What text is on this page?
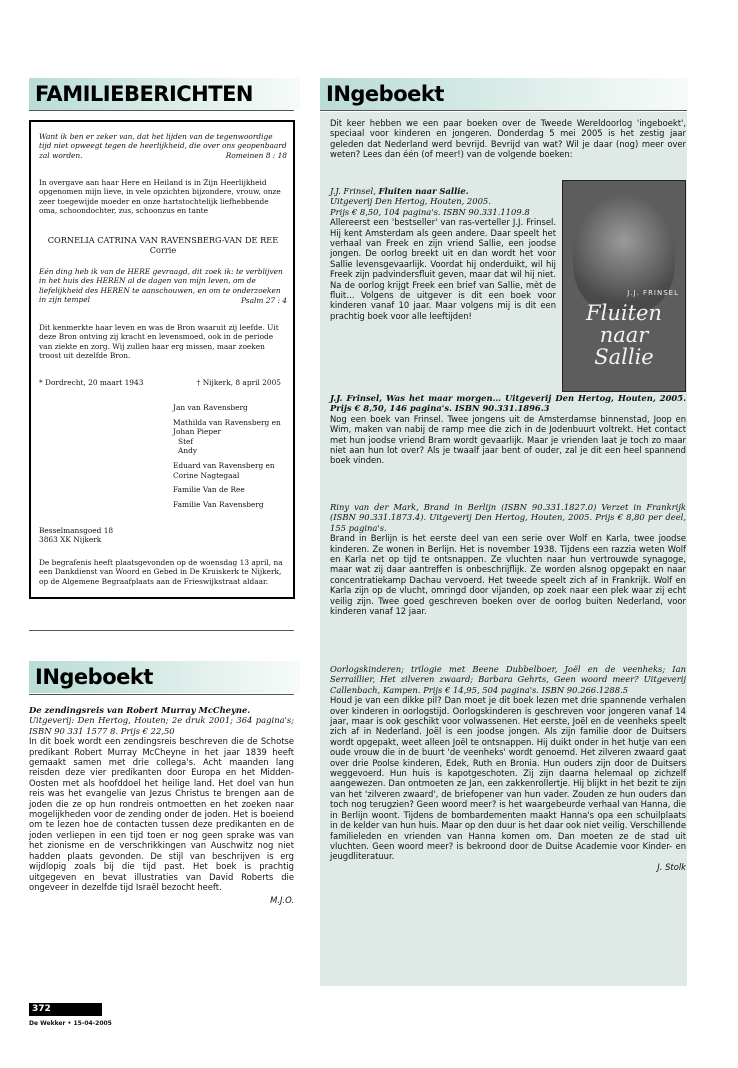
FAMILIEBERICHTEN	INgeboekt
Want ik ben er zeker van, dat het lijden van de tegenwoordige tijd niet opweegt tegen de heerlijkheid, die over ons geopenbaard zal worden.	Romeinen 8 : 18
In overgave aan haar Here en Heiland is in Zijn Heerlijkheid opgenomen mijn lieve, in vele opzichten bijzondere, vrouw, onze zeer toegewijde moeder en onze hartstochtelijk liefhebbende oma, schoondochter, zus, schoonzus en tante
CORNELIA CATRINA VAN RAVENSBERG-VAN DE REE
Corrie
Eén ding heb ik van de HERE gevraagd, dit zoek ik: te verblijven in het huis des HEREN al de dagen van mijn leven, om de liefelijkheid des HEREN te aanschouwen, en om te onderzoeken in zijn tempel	Psalm 27 : 4
Dit kenmerkte haar leven en was de Bron waaruit zij leefde. Uit deze Bron ontving zij kracht en levensmoed, ook in de periode van ziekte en zorg. Wij zullen haar erg missen, maar zoeken troost uit dezelfde Bron.
* Dordrecht, 20 maart 1943	† Nijkerk, 8 april 2005
Jan van Ravensberg
Mathilda van Ravensberg en
Johan Pieper
Stef
Andy
Eduard van Ravensberg en
Corine Nagtegaal
Familie Van de Ree
Familie Van Ravensberg
Besselmansgoed 18
3863 XK Nijkerk
De begrafenis heeft plaatsgevonden op de woensdag 13 april, na een Dankdienst van Woord en Gebed in De Kruiskerk te Nijkerk, op de Algemene Begraafplaats aan de Frieswijkstraat aldaar.
INgeboekt
De zendingsreis van Robert Murray McCheyne.
Uitgeverij: Den Hertog, Houten; 2e druk 2001; 364 pagina's; ISBN 90 331 1577 8. Prijs € 22,50
In dit boek wordt een zendingsreis beschreven die de Schotse predikant Robert Murray McCheyne in het jaar 1839 heeft gemaakt samen met drie collega's. Acht maanden lang reisden deze vier predikanten door Europa en het Midden-Oosten met als hoofddoel het heilige land. Het doel van hun reis was het evangelie van Jezus Christus te brengen aan de joden die ze op hun rondreis ontmoetten en het zoeken naar mogelijkheden voor de zending onder de joden. Het is boeiend om te lezen hoe de contacten tussen deze predikanten en de joden verliepen in een tijd toen er nog geen sprake was van het zionisme en de verschrikkingen van Auschwitz nog niet hadden plaats gevonden. De stijl van beschrijven is erg wijdlopig zoals bij die tijd past. Het boek is prachtig uitgegeven en bevat illustraties van David Roberts die ongeveer in dezelfde tijd Israël bezocht heeft.
M.J.O.
Dit keer hebben we een paar boeken over de Tweede Wereldoorlog 'ingeboekt', speciaal voor kinderen en jongeren. Donderdag 5 mei 2005 is het zestig jaar geleden dat Nederland werd bevrijd. Bevrijd van wat? Wil je daar (nog) meer over weten? Lees dan één (of meer!) van de volgende boeken:
J.J. FRINSEL
Fluiten
naar
Sallie
J.J. Frinsel, Fluiten naar Sallie.
Uitgeverij Den Hertog, Houten, 2005.
Prijs € 8,50, 104 pagina's. ISBN 90.331.1109.8
Allereerst een 'bestseller' van ras-verteller J.J. Frinsel. Hij kent Amsterdam als geen andere. Daar speelt het verhaal van Freek en zijn vriend Sallie, een joodse jongen. De oorlog breekt uit en dan wordt het voor Sallie levensgevaarlijk. Voordat hij onderduikt, wil hij Freek zijn padvindersfluit geven, maar dat wil hij niet. Na de oorlog krijgt Freek een brief van Sallie, mèt de fluit… Volgens de uitgever is dit een boek voor kinderen vanaf 10 jaar. Maar volgens mij is dit een prachtig boek voor alle leeftijden!
J.J. Frinsel, Was het maar morgen… Uitgeverij Den Hertog, Houten, 2005. Prijs € 8,50, 146 pagina's. ISBN 90.331.1896.3
Nog een boek van Frinsel. Twee jongens uit de Amsterdamse binnenstad, Joop en Wim, maken van nabij de ramp mee die zich in de Jodenbuurt voltrekt. Het contact met hun joodse vriend Bram wordt gevaarlijk. Maar je vrienden laat je toch zo maar niet aan hun lot over? Als je twaalf jaar bent of ouder, zal je dit een heel spannend boek vinden.
Riny van der Mark, Brand in Berlijn (ISBN 90.331.1827.0) Verzet in Frankrijk (ISBN 90.331.1873.4). Uitgeverij Den Hertog, Houten, 2005. Prijs € 8,80 per deel, 155 pagina's.
Brand in Berlijn is het eerste deel van een serie over Wolf en Karla, twee joodse kinderen. Ze wonen in Berlijn. Het is november 1938. Tijdens een razzia weten Wolf en Karla net op tijd te ontsnappen. Ze vluchten naar hun vertrouwde synagoge, maar wat zij daar aantreffen is onbeschrijflijk. Ze worden alsnog opgepakt en naar concentratiekamp Dachau vervoerd. Het tweede speelt zich af in Frankrijk. Wolf en Karla zijn op de vlucht, omringd door vijanden, op zoek naar een plek waar zij echt veilig zijn. Twee goed geschreven boeken over de oorlog buiten Nederland, voor kinderen vanaf 12 jaar.
Oorlogskinderen; trilogie met Beene Dubbelboer, Joël en de veenheks; Ian Serraillier, Het zilveren zwaard; Barbara Gehrts, Geen woord meer? Uitgeverij Callenbach, Kampen. Prijs € 14,95, 504 pagina's. ISBN 90.266.1288.5
Houd je van een dikke pil? Dan moet je dit boek lezen met drie spannende verhalen over kinderen in oorlogstijd. Oorlogskinderen is geschreven voor jongeren vanaf 14 jaar, maar is ook geschikt voor volwassenen. Het eerste, Joël en de veenheks speelt zich af in Nederland. Joël is een joodse jongen. Als zijn familie door de Duitsers wordt opgepakt, weet alleen Joël te ontsnappen. Hij duikt onder in het hutje van een oude vrouw die in de buurt 'de veenheks' wordt genoemd. Het zilveren zwaard gaat over drie Poolse kinderen, Edek, Ruth en Bronia. Hun ouders zijn door de Duitsers weggevoerd. Hun huis is kapotgeschoten. Zij zijn daarna helemaal op zichzelf aangewezen. Dan ontmoeten ze Jan, een zakkenrollertje. Hij blijkt in het bezit te zijn van het 'zilveren zwaard', de briefopener van hun vader. Zouden ze hun ouders dan toch nog terugzien? Geen woord meer? is het waargebeurde verhaal van Hanna, die in Berlijn woont. Tijdens de bombardementen maakt Hanna's opa een schuilplaats in de kelder van hun huis. Maar op den duur is het daar ook niet veilig. Verschillende familieleden en vrienden van Hanna komen om. Dan moeten ze de stad uit vluchten. Geen woord meer? is bekroond door de Duitse Academie voor Kinder- en jeugdliteratuur.
J. Stolk
372
De Wekker • 15-04-2005
